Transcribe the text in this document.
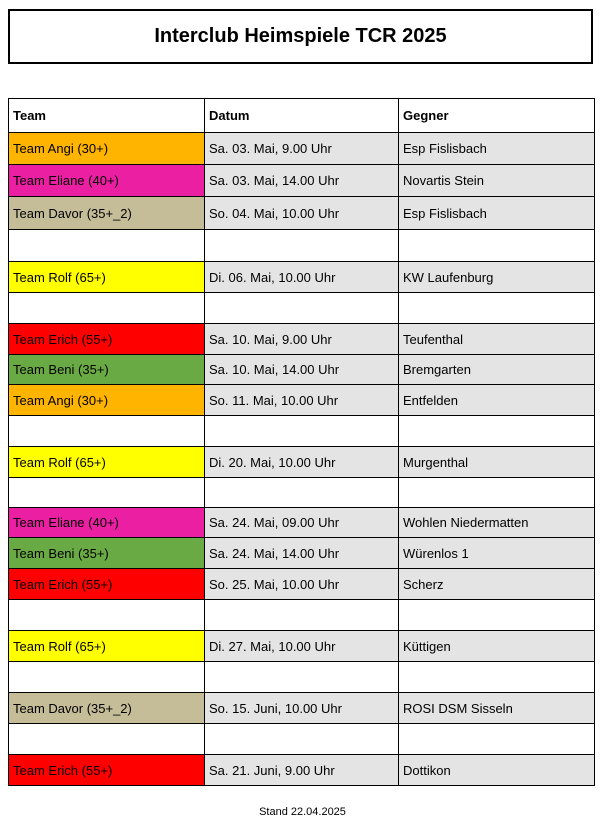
Interclub Heimspiele TCR 2025
Team	Datum	Gegner
Team Angi (30+)	Sa. 03. Mai, 9.00 Uhr	Esp Fislisbach
Team Eliane (40+)	Sa. 03. Mai, 14.00 Uhr	Novartis Stein
Team Davor (35+_2)	So. 04. Mai, 10.00 Uhr	Esp Fislisbach

Team Rolf (65+)	Di. 06. Mai, 10.00 Uhr	KW Laufenburg

Team Erich (55+)	Sa. 10. Mai, 9.00 Uhr	Teufenthal
Team Beni (35+)	Sa. 10. Mai, 14.00 Uhr	Bremgarten
Team Angi (30+)	So. 11. Mai, 10.00 Uhr	Entfelden

Team Rolf (65+)	Di. 20. Mai, 10.00 Uhr	Murgenthal

Team Eliane (40+)	Sa. 24. Mai, 09.00 Uhr	Wohlen Niedermatten
Team Beni (35+)	Sa. 24. Mai, 14.00 Uhr	Würenlos 1
Team Erich (55+)	So. 25. Mai, 10.00 Uhr	Scherz

Team Rolf (65+)	Di. 27. Mai, 10.00 Uhr	Küttigen

Team Davor (35+_2)	So. 15. Juni, 10.00 Uhr	ROSI DSM Sisseln

Team Erich (55+)	Sa. 21. Juni, 9.00 Uhr	Dottikon
Stand 22.04.2025
